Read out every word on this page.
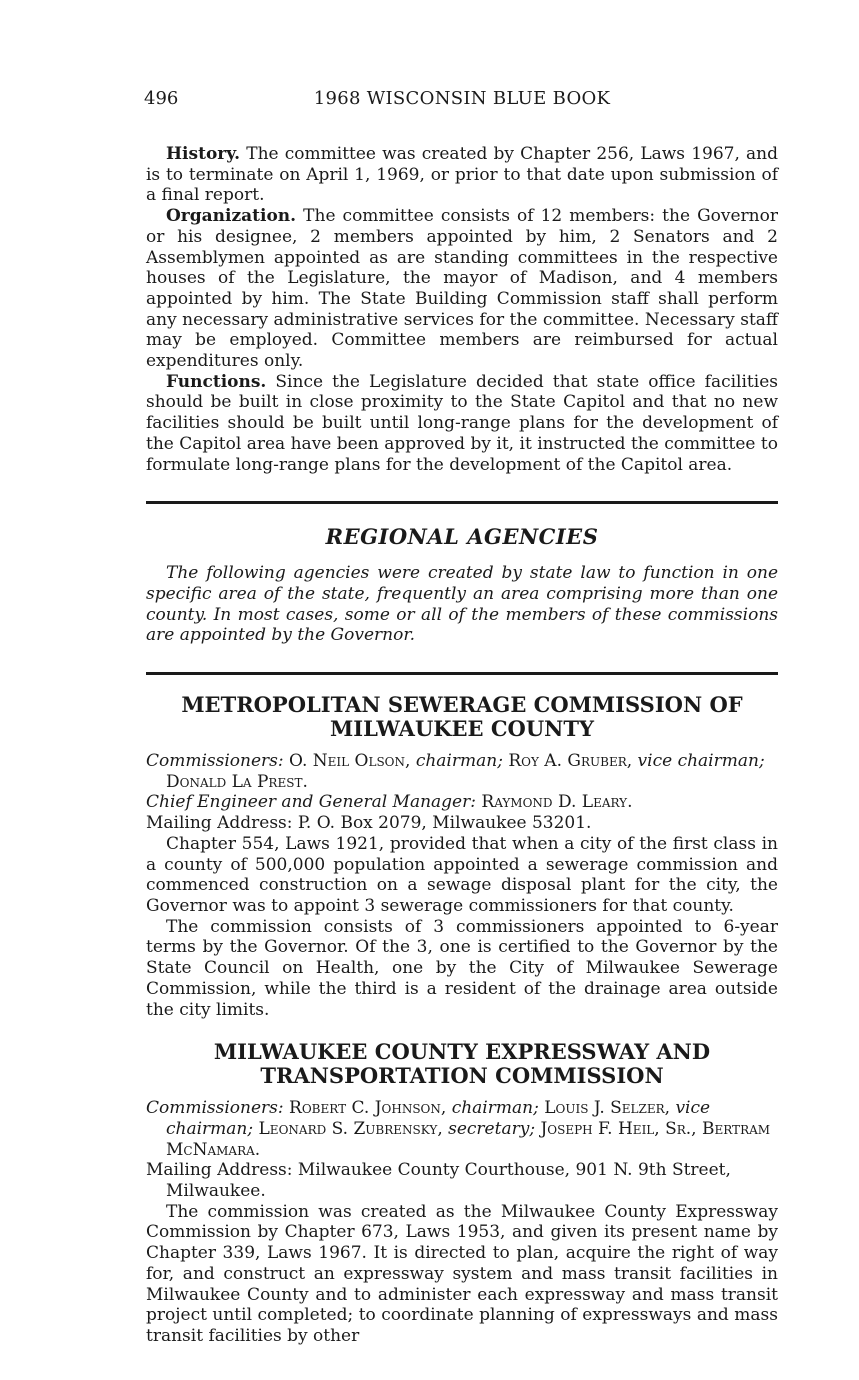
496	1968 WISCONSIN BLUE BOOK

History. The committee was created by Chapter 256, Laws 1967, and is to terminate on April 1, 1969, or prior to that date upon submission of a final report.

Organization. The committee consists of 12 members: the Governor or his designee, 2 members appointed by him, 2 Senators and 2 Assemblymen appointed as are standing committees in the respective houses of the Legislature, the mayor of Madison, and 4 members appointed by him. The State Building Commission staff shall perform any necessary administrative services for the committee. Necessary staff may be employed. Committee members are reimbursed for actual expenditures only.

Functions. Since the Legislature decided that state office facilities should be built in close proximity to the State Capitol and that no new facilities should be built until long-range plans for the development of the Capitol area have been approved by it, it instructed the committee to formulate long-range plans for the development of the Capitol area.

REGIONAL AGENCIES

The following agencies were created by state law to function in one specific area of the state, frequently an area comprising more than one county. In most cases, some or all of the members of these commissions are appointed by the Governor.

METROPOLITAN SEWERAGE COMMISSION OF
MILWAUKEE COUNTY

Commissioners: O. Neil Olson, chairman; Roy A. Gruber, vice chairman; Donald La Prest.

Chief Engineer and General Manager: Raymond D. Leary.

Mailing Address: P. O. Box 2079, Milwaukee 53201.

Chapter 554, Laws 1921, provided that when a city of the first class in a county of 500,000 population appointed a sewerage commission and commenced construction on a sewage disposal plant for the city, the Governor was to appoint 3 sewerage commissioners for that county.

The commission consists of 3 commissioners appointed to 6-year terms by the Governor. Of the 3, one is certified to the Governor by the State Council on Health, one by the City of Milwaukee Sewerage Commission, while the third is a resident of the drainage area outside the city limits.

MILWAUKEE COUNTY EXPRESSWAY AND
TRANSPORTATION COMMISSION

Commissioners: Robert C. Johnson, chairman; Louis J. Selzer, vice chairman; Leonard S. Zubrensky, secretary; Joseph F. Heil, Sr., Bertram McNamara.

Mailing Address: Milwaukee County Courthouse, 901 N. 9th Street, Milwaukee.

The commission was created as the Milwaukee County Expressway Commission by Chapter 673, Laws 1953, and given its present name by Chapter 339, Laws 1967. It is directed to plan, acquire the right of way for, and construct an expressway system and mass transit facilities in Milwaukee County and to administer each expressway and mass transit project until completed; to coordinate planning of expressways and mass transit facilities by other
